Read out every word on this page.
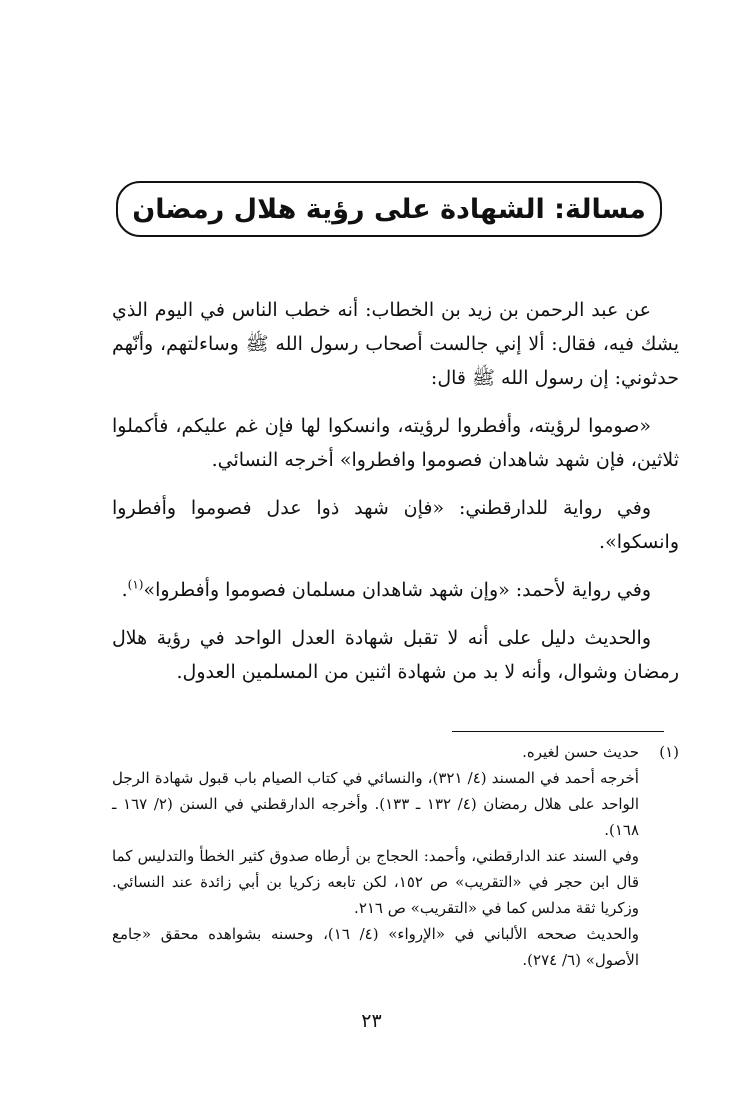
مسالة: الشهادة على رؤية هلال رمضان

عن عبد الرحمن بن زيد بن الخطاب: أنه خطب الناس في اليوم الذي يشك فيه، فقال: ألا إني جالست أصحاب رسول الله ﷺ وساءلتهم، وأنّهم حدثوني: إن رسول الله ﷺ قال:

«صوموا لرؤيته، وأفطروا لرؤيته، وانسكوا لها فإن غم عليكم، فأكملوا ثلاثين، فإن شهد شاهدان فصوموا وافطروا» أخرجه النسائي.

وفي رواية للدارقطني: «فإن شهد ذوا عدل فصوموا وأفطروا وانسكوا».

وفي رواية لأحمد: «وإن شهد شاهدان مسلمان فصوموا وأفطروا»$^{(١)}$.

والحديث دليل على أنه لا تقبل شهادة العدل الواحد في رؤية هلال رمضان وشوال، وأنه لا بد من شهادة اثنين من المسلمين العدول.

(١)

حديث حسن لغيره.

أخرجه أحمد في المسند (٤/ ٣٢١)، والنسائي في كتاب الصيام باب قبول شهادة الرجل الواحد على هلال رمضان (٤/ ١٣٢ ـ ١٣٣). وأخرجه الدارقطني في السنن (٢/ ١٦٧ ـ ١٦٨).

وفي السند عند الدارقطني، وأحمد: الحجاج بن أرطاه صدوق كثير الخطأ والتدليس كما قال ابن حجر في «التقريب» ص ١٥٢، لكن تابعه زكريا بن أبي زائدة عند النسائي. وزكريا ثقة مدلس كما في «التقريب» ص ٢١٦.

والحديث صححه الألباني في «الإرواء» (٤/ ١٦)، وحسنه بشواهده محقق «جامع الأصول» (٦/ ٢٧٤).

٢٣
